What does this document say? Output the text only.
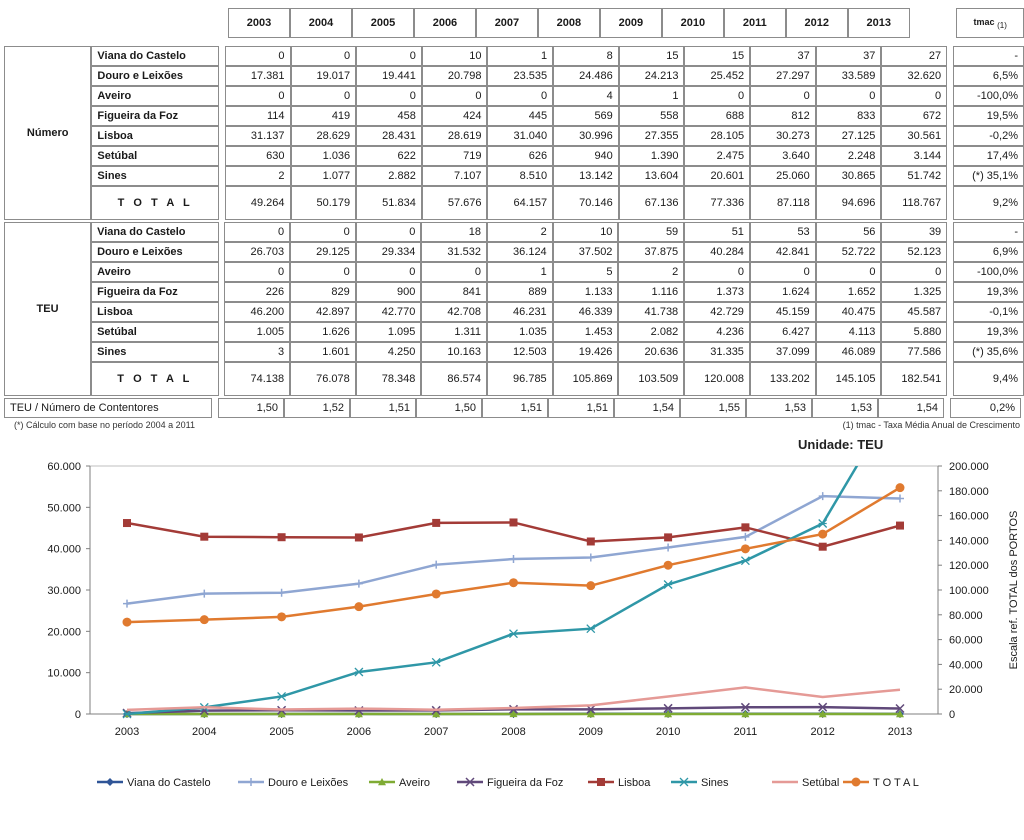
2003	2004	2005	2006	2007	2008	2009	2010	2011	2012	2013		tmac $_{(1)}$
Número	Viana do Castelo		0	0	0	10	1	8	15	15	37	37	27		-
	Douro e Leixões		17.381	19.017	19.441	20.798	23.535	24.486	24.213	25.452	27.297	33.589	32.620		6,5%
	Aveiro		0	0	0	0	0	4	1	0	0	0	0		-100,0%
	Figueira da Foz		114	419	458	424	445	569	558	688	812	833	672		19,5%
	Lisboa		31.137	28.629	28.431	28.619	31.040	30.996	27.355	28.105	30.273	27.125	30.561		-0,2%
	Setúbal		630	1.036	622	719	626	940	1.390	2.475	3.640	2.248	3.144		17,4%
	Sines		2	1.077	2.882	7.107	8.510	13.142	13.604	20.601	25.060	30.865	51.742		(*) 35,1%
	T O T A L		49.264	50.179	51.834	57.676	64.157	70.146	67.136	77.336	87.118	94.696	118.767		9,2%
TEU	Viana do Castelo		0	0	0	18	2	10	59	51	53	56	39		-
	Douro e Leixões		26.703	29.125	29.334	31.532	36.124	37.502	37.875	40.284	42.841	52.722	52.123		6,9%
	Aveiro		0	0	0	0	1	5	2	0	0	0	0		-100,0%
	Figueira da Foz		226	829	900	841	889	1.133	1.116	1.373	1.624	1.652	1.325		19,3%
	Lisboa		46.200	42.897	42.770	42.708	46.231	46.339	41.738	42.729	45.159	40.475	45.587		-0,1%
	Setúbal		1.005	1.626	1.095	1.311	1.035	1.453	2.082	4.236	6.427	4.113	5.880		19,3%
	Sines		3	1.601	4.250	10.163	12.503	19.426	20.636	31.335	37.099	46.089	77.586		(*) 35,6%
	T O T A L		74.138	76.078	78.348	86.574	96.785	105.869	103.509	120.008	133.202	145.105	182.541		9,4%
TEU / Número de Contentores		1,50	1,52	1,51	1,50	1,51	1,51	1,54	1,55	1,53	1,53	1,54		0,2%
(*) Cálculo com base no período 2004 a 2011	(1) tmac - Taxa Média Anual de Crescimento
Unidade: TEU
0
10.000
20.000
30.000
40.000
50.000
60.000
0
20.000
40.000
60.000
80.000
100.000
120.000
140.000
160.000
180.000
200.000
Escala ref. TOTAL dos PORTOS
2003	2004	2005	2006	2007	2008	2009	2010	2011	2012	2013
Viana do Castelo	Douro e Leixões	Aveiro	Figueira da Foz	Lisboa	Sines	Setúbal	T O T A L
